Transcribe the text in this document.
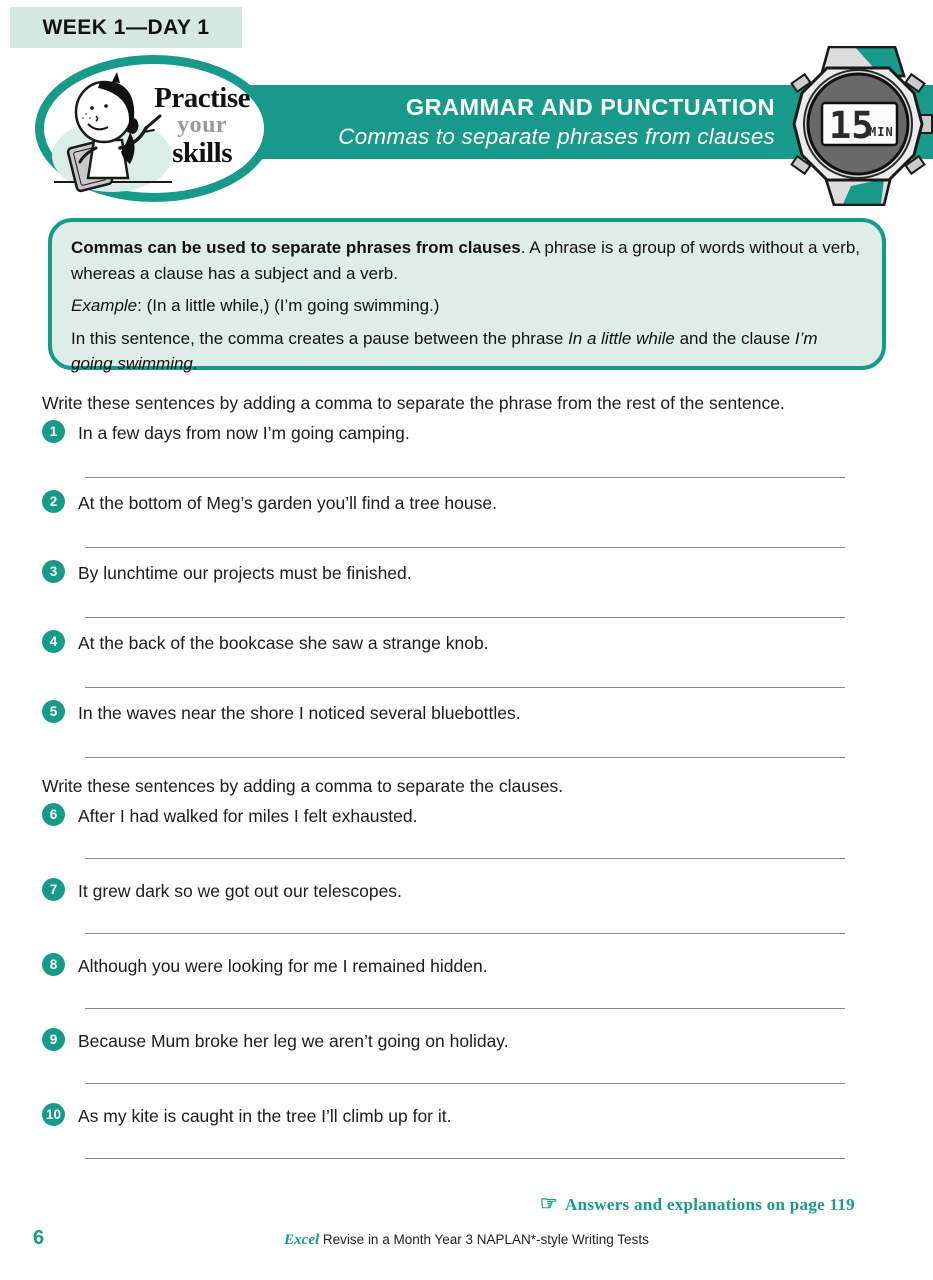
WEEK 1—DAY 1
GRAMMAR AND PUNCTUATION
Commas to separate phrases from clauses
Practise
your
skills
15
MIN

Commas can be used to separate phrases from clauses. A phrase is a group of words without a verb, whereas a clause has a subject and a verb.

Example: (In a little while,) (I’m going swimming.)

In this sentence, the comma creates a pause between the phrase In a little while and the clause I’m going swimming.

Write these sentences by adding a comma to separate the phrase from the rest of the sentence.
1	In a few days from now I’m going camping.
2	At the bottom of Meg’s garden you’ll find a tree house.
3	By lunchtime our projects must be finished.
4	At the back of the bookcase she saw a strange knob.
5	In the waves near the shore I noticed several bluebottles.
Write these sentences by adding a comma to separate the clauses.
6	After I had walked for miles I felt exhausted.
7	It grew dark so we got out our telescopes.
8	Although you were looking for me I remained hidden.
9	Because Mum broke her leg we aren’t going on holiday.
10 As my kite is caught in the tree I’ll climb up for it.
☞ Answers and explanations on page 119
6	Excel Revise in a Month Year 3 NAPLAN*-style Writing Tests
